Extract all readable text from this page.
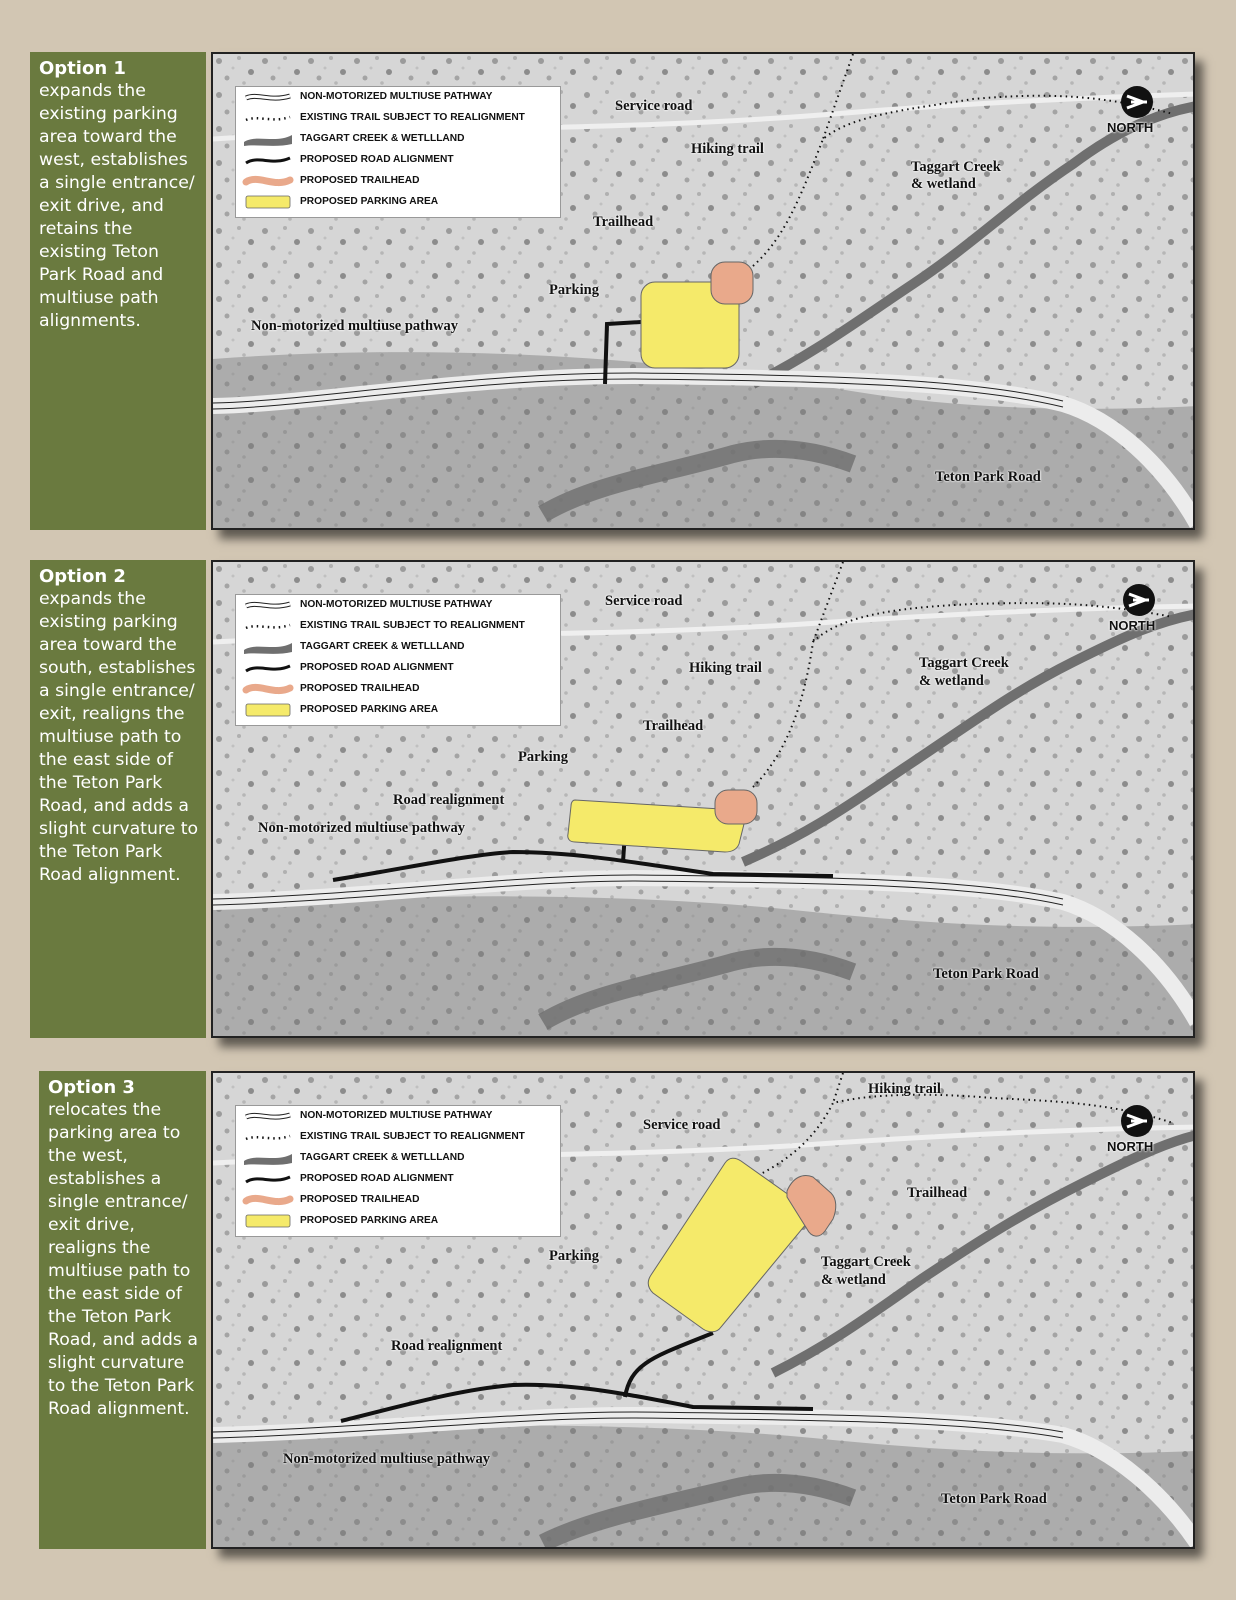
Option 1
expands the existing parking area toward the west, establishes a single entrance/ exit drive, and retains the existing Teton Park Road and multiuse path alignments.
NON-MOTORIZED MULTIUSE PATHWAY
EXISTING TRAIL SUBJECT TO REALIGNMENT
TAGGART CREEK & WETLLLAND
PROPOSED ROAD ALIGNMENT
PROPOSED TRAILHEAD
PROPOSED PARKING AREA
Service road
Hiking trail
Taggart Creek
& wetland
Trailhead
Parking
Non-motorized multiuse pathway
Teton Park Road
NORTH
Option 2
expands the existing parking area toward the south, establishes a single entrance/ exit, realigns the multiuse path to the east side of the Teton Park Road, and adds a slight curvature to the Teton Park Road alignment.
NON-MOTORIZED MULTIUSE PATHWAY
EXISTING TRAIL SUBJECT TO REALIGNMENT
TAGGART CREEK & WETLLLAND
PROPOSED ROAD ALIGNMENT
PROPOSED TRAILHEAD
PROPOSED PARKING AREA
Service road
Hiking trail	Taggart Creek
& wetland
Trailhead
Parking
Road realignment
Non-motorized multiuse pathway
Teton Park Road
NORTH
Option 3
relocates the parking area to the west, establishes a single entrance/ exit drive, realigns the multiuse path to the east side of the Teton Park Road, and adds a slight curvature to the Teton Park Road alignment.
NON-MOTORIZED MULTIUSE PATHWAY
EXISTING TRAIL SUBJECT TO REALIGNMENT
TAGGART CREEK & WETLLLAND
PROPOSED ROAD ALIGNMENT
PROPOSED TRAILHEAD
PROPOSED PARKING AREA
Hiking trail
Service road
Trailhead
Taggart Creek
& wetland
Parking
Road realignment
Non-motorized multiuse pathway
Teton Park Road
NORTH
